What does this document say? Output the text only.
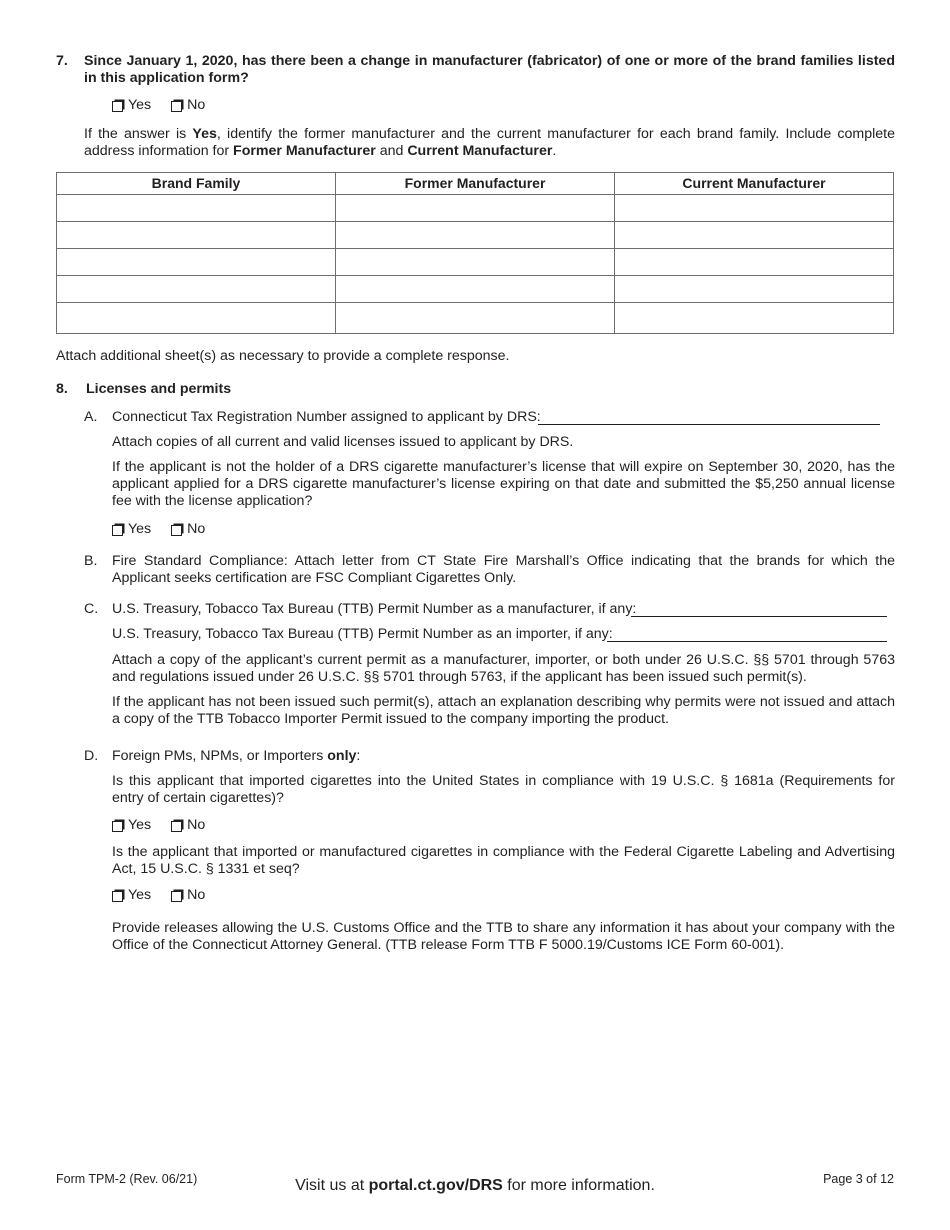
7. Since January 1, 2020, has there been a change in manufacturer (fabricator) of one or more of the brand families listed in this application form?

Yes	No

If the answer is Yes, identify the former manufacturer and the current manufacturer for each brand family. Include complete address information for Former Manufacturer and Current Manufacturer.

Brand Family	Former Manufacturer	Current Manufacturer

Attach additional sheet(s) as necessary to provide a complete response.
8. Licenses and permits
A. Connecticut Tax Registration Number assigned to applicant by DRS:
Attach copies of all current and valid licenses issued to applicant by DRS.

If the applicant is not the holder of a DRS cigarette manufacturer’s license that will expire on September 30, 2020, has the applicant applied for a DRS cigarette manufacturer’s license expiring on that date and submitted the $5,250 annual license fee with the license application?

Yes	No
B. Fire Standard Compliance: Attach letter from CT State Fire Marshall’s Office indicating that the brands for which the Applicant seeks certification are FSC Compliant Cigarettes Only.

C. U.S. Treasury, Tobacco Tax Bureau (TTB) Permit Number as a manufacturer, if any:
U.S. Treasury, Tobacco Tax Bureau (TTB) Permit Number as an importer, if any:

Attach a copy of the applicant’s current permit as a manufacturer, importer, or both under 26 U.S.C. §§ 5701 through 5763 and regulations issued under 26 U.S.C. §§ 5701 through 5763, if the applicant has been issued such permit(s).

If the applicant has not been issued such permit(s), attach an explanation describing why permits were not issued and attach a copy of the TTB Tobacco Importer Permit issued to the company importing the product.

D. Foreign PMs, NPMs, or Importers only:

Is this applicant that imported cigarettes into the United States in compliance with 19 U.S.C. § 1681a (Requirements for entry of certain cigarettes)?

Yes	No

Is the applicant that imported or manufactured cigarettes in compliance with the Federal Cigarette Labeling and Advertising Act, 15 U.S.C. § 1331 et seq?

Yes	No

Provide releases allowing the U.S. Customs Office and the TTB to share any information it has about your company with the Office of the Connecticut Attorney General. (TTB release Form TTB F 5000.19/Customs ICE Form 60-001).

Form TPM-2 (Rev. 06/21)	Visit us at portal.ct.gov/DRS for more information.	Page 3 of 12
